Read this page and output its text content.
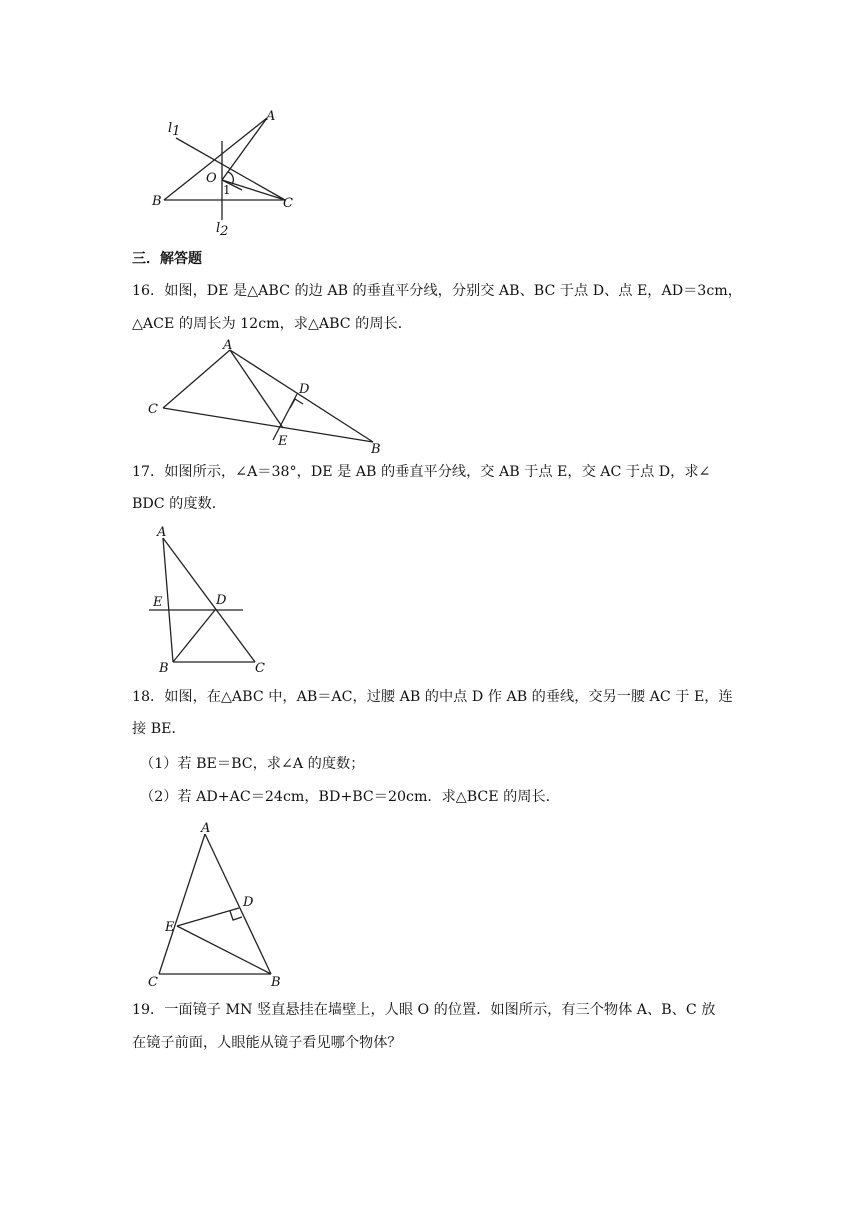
l1
A
O
1
B	C
l2
三．解答题
16．如图，DE 是△ABC 的边 AB 的垂直平分线，分别交 AB、BC 于点 D、点 E，AD＝3cm，
△ACE 的周长为 12cm，求△ABC 的周长．
A
D
C
E
B
17．如图所示，∠A＝38°，DE 是 AB 的垂直平分线，交 AB 于点 E，交 AC 于点 D，求∠
BDC 的度数．
A
E	D
B	C
18．如图，在△ABC 中，AB＝AC，过腰 AB 的中点 D 作 AB 的垂线，交另一腰 AC 于 E，连
接 BE．
（1）若 BE＝BC，求∠A 的度数；
（2）若 AD+AC＝24cm，BD+BC＝20cm．求△BCE 的周长．
A
D
E
C	B
19．一面镜子 MN 竖直悬挂在墙壁上，人眼 O 的位置．如图所示，有三个物体 A、B、C 放
在镜子前面，人眼能从镜子看见哪个物体？
